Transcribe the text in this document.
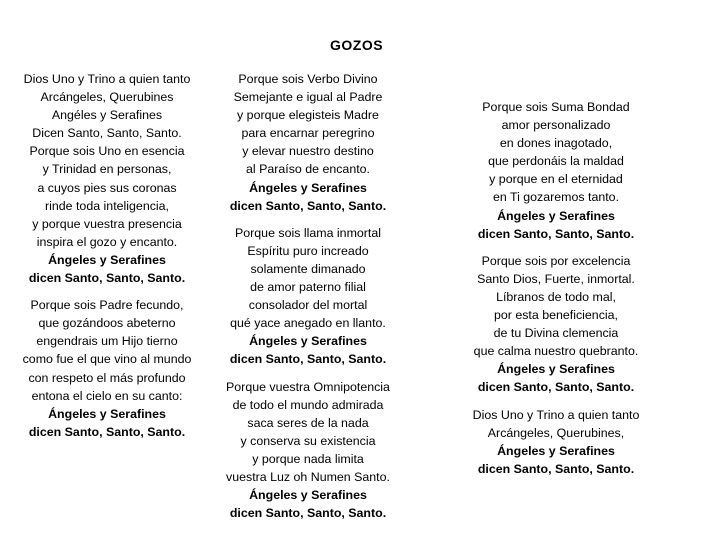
GOZOS
Dios Uno y Trino a quien tanto
Arcángeles, Querubines
Angéles y Serafines
Dicen Santo, Santo, Santo.
Porque sois Uno en esencia
y Trinidad en personas,
a cuyos pies sus coronas
rinde toda inteligencia,
y porque vuestra presencia
inspira el gozo y encanto.
Ángeles y Serafines
dicen Santo, Santo, Santo.
Porque sois Padre fecundo,
que gozándoos abeterno
engendrais um Hijo tierno
como fue el que vino al mundo
con respeto el más profundo
entona el cielo en su canto:
Ángeles y Serafines
dicen Santo, Santo, Santo.
Porque sois Verbo Divino
Semejante e igual al Padre
y porque elegisteis Madre
para encarnar peregrino
y elevar nuestro destino
al Paraíso de encanto.
Ángeles y Serafines
dicen Santo, Santo, Santo.
Porque sois llama inmortal
Espíritu puro increado
solamente dimanado
de amor paterno filial
consolador del mortal
qué yace anegado en llanto.
Ángeles y Serafines
dicen Santo, Santo, Santo.
Porque vuestra Omnipotencia
de todo el mundo admirada
saca seres de la nada
y conserva su existencia
y porque nada limita
vuestra Luz oh Numen Santo.
Ángeles y Serafines
dicen Santo, Santo, Santo.
Porque sois Suma Bondad
amor personalizado
en dones inagotado,
que perdonáis la maldad
y porque en el eternidad
en Ti gozaremos tanto.
Ángeles y Serafines
dicen Santo, Santo, Santo.
Porque sois por excelencia
Santo Dios, Fuerte, inmortal.
Líbranos de todo mal,
por esta beneficiencia,
de tu Divina clemencia
que calma nuestro quebranto.
Ángeles y Serafines
dicen Santo, Santo, Santo.
Dios Uno y Trino a quien tanto
Arcángeles, Querubines,
Ángeles y Serafines
dicen Santo, Santo, Santo.
